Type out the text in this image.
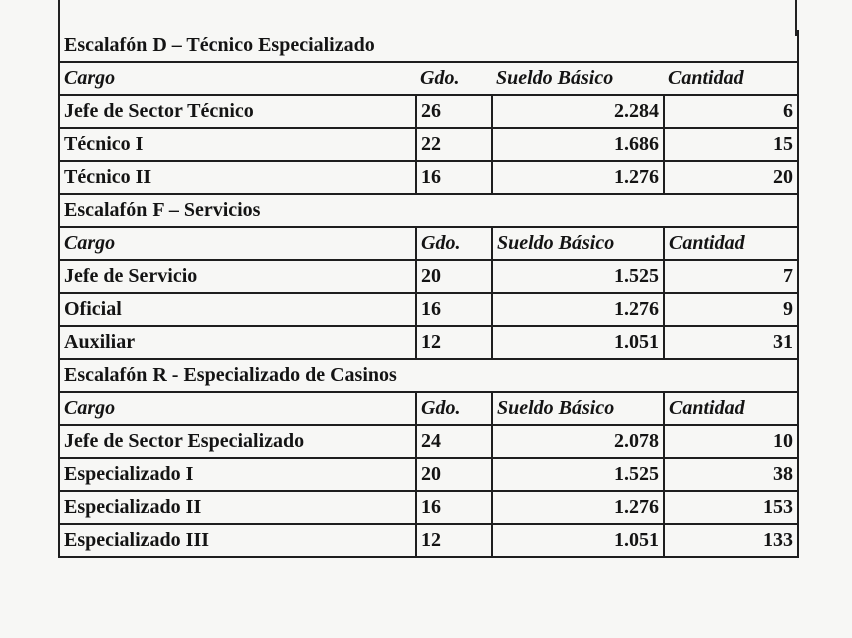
Escalafón D – Técnico Especializado			
Cargo	Gdo.	Sueldo Básico	Cantidad
Jefe de Sector Técnico	26	2.284	6
Técnico I	22	1.686	15
Técnico II	16	1.276	20
Escalafón F – Servicios			
Cargo	Gdo.	Sueldo Básico	Cantidad
Jefe de Servicio	20	1.525	7
Oficial	16	1.276	9
Auxiliar	12	1.051	31
Escalafón R - Especializado de Casinos			
Cargo	Gdo.	Sueldo Básico	Cantidad
Jefe de Sector Especializado	24	2.078	10
Especializado I	20	1.525	38
Especializado II	16	1.276	153
Especializado III	12	1.051	133
